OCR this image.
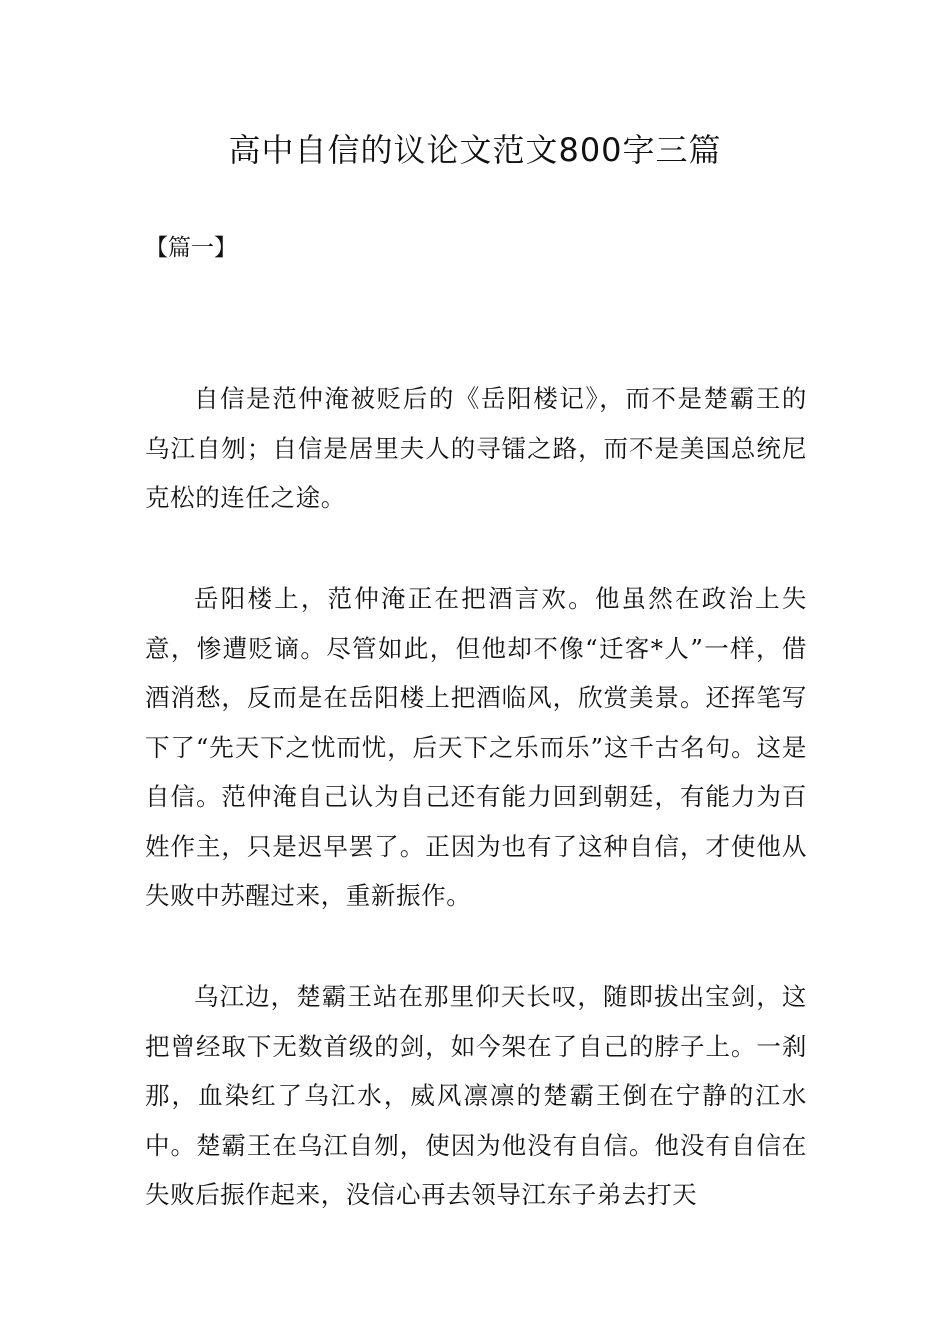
高中自信的议论文范文800字三篇

【篇一】

自信是范仲淹被贬后的《岳阳楼记》，而不是楚霸王的乌江自刎；自信是居里夫人的寻镭之路，而不是美国总统尼克松的连任之途。

岳阳楼上，范仲淹正在把酒言欢。他虽然在政治上失意，惨遭贬谪。尽管如此，但他却不像“迁客*人”一样，借酒消愁，反而是在岳阳楼上把酒临风，欣赏美景。还挥笔写下了“先天下之忧而忧，后天下之乐而乐”这千古名句。这是自信。范仲淹自己认为自己还有能力回到朝廷，有能力为百姓作主，只是迟早罢了。正因为也有了这种自信，才使他从失败中苏醒过来，重新振作。

乌江边，楚霸王站在那里仰天长叹，随即拔出宝剑，这把曾经取下无数首级的剑，如今架在了自己的脖子上。一刹那，血染红了乌江水，威风凛凛的楚霸王倒在宁静的江水中。楚霸王在乌江自刎，使因为他没有自信。他没有自信在失败后振作起来，没信心再去领导江东子弟去打天
